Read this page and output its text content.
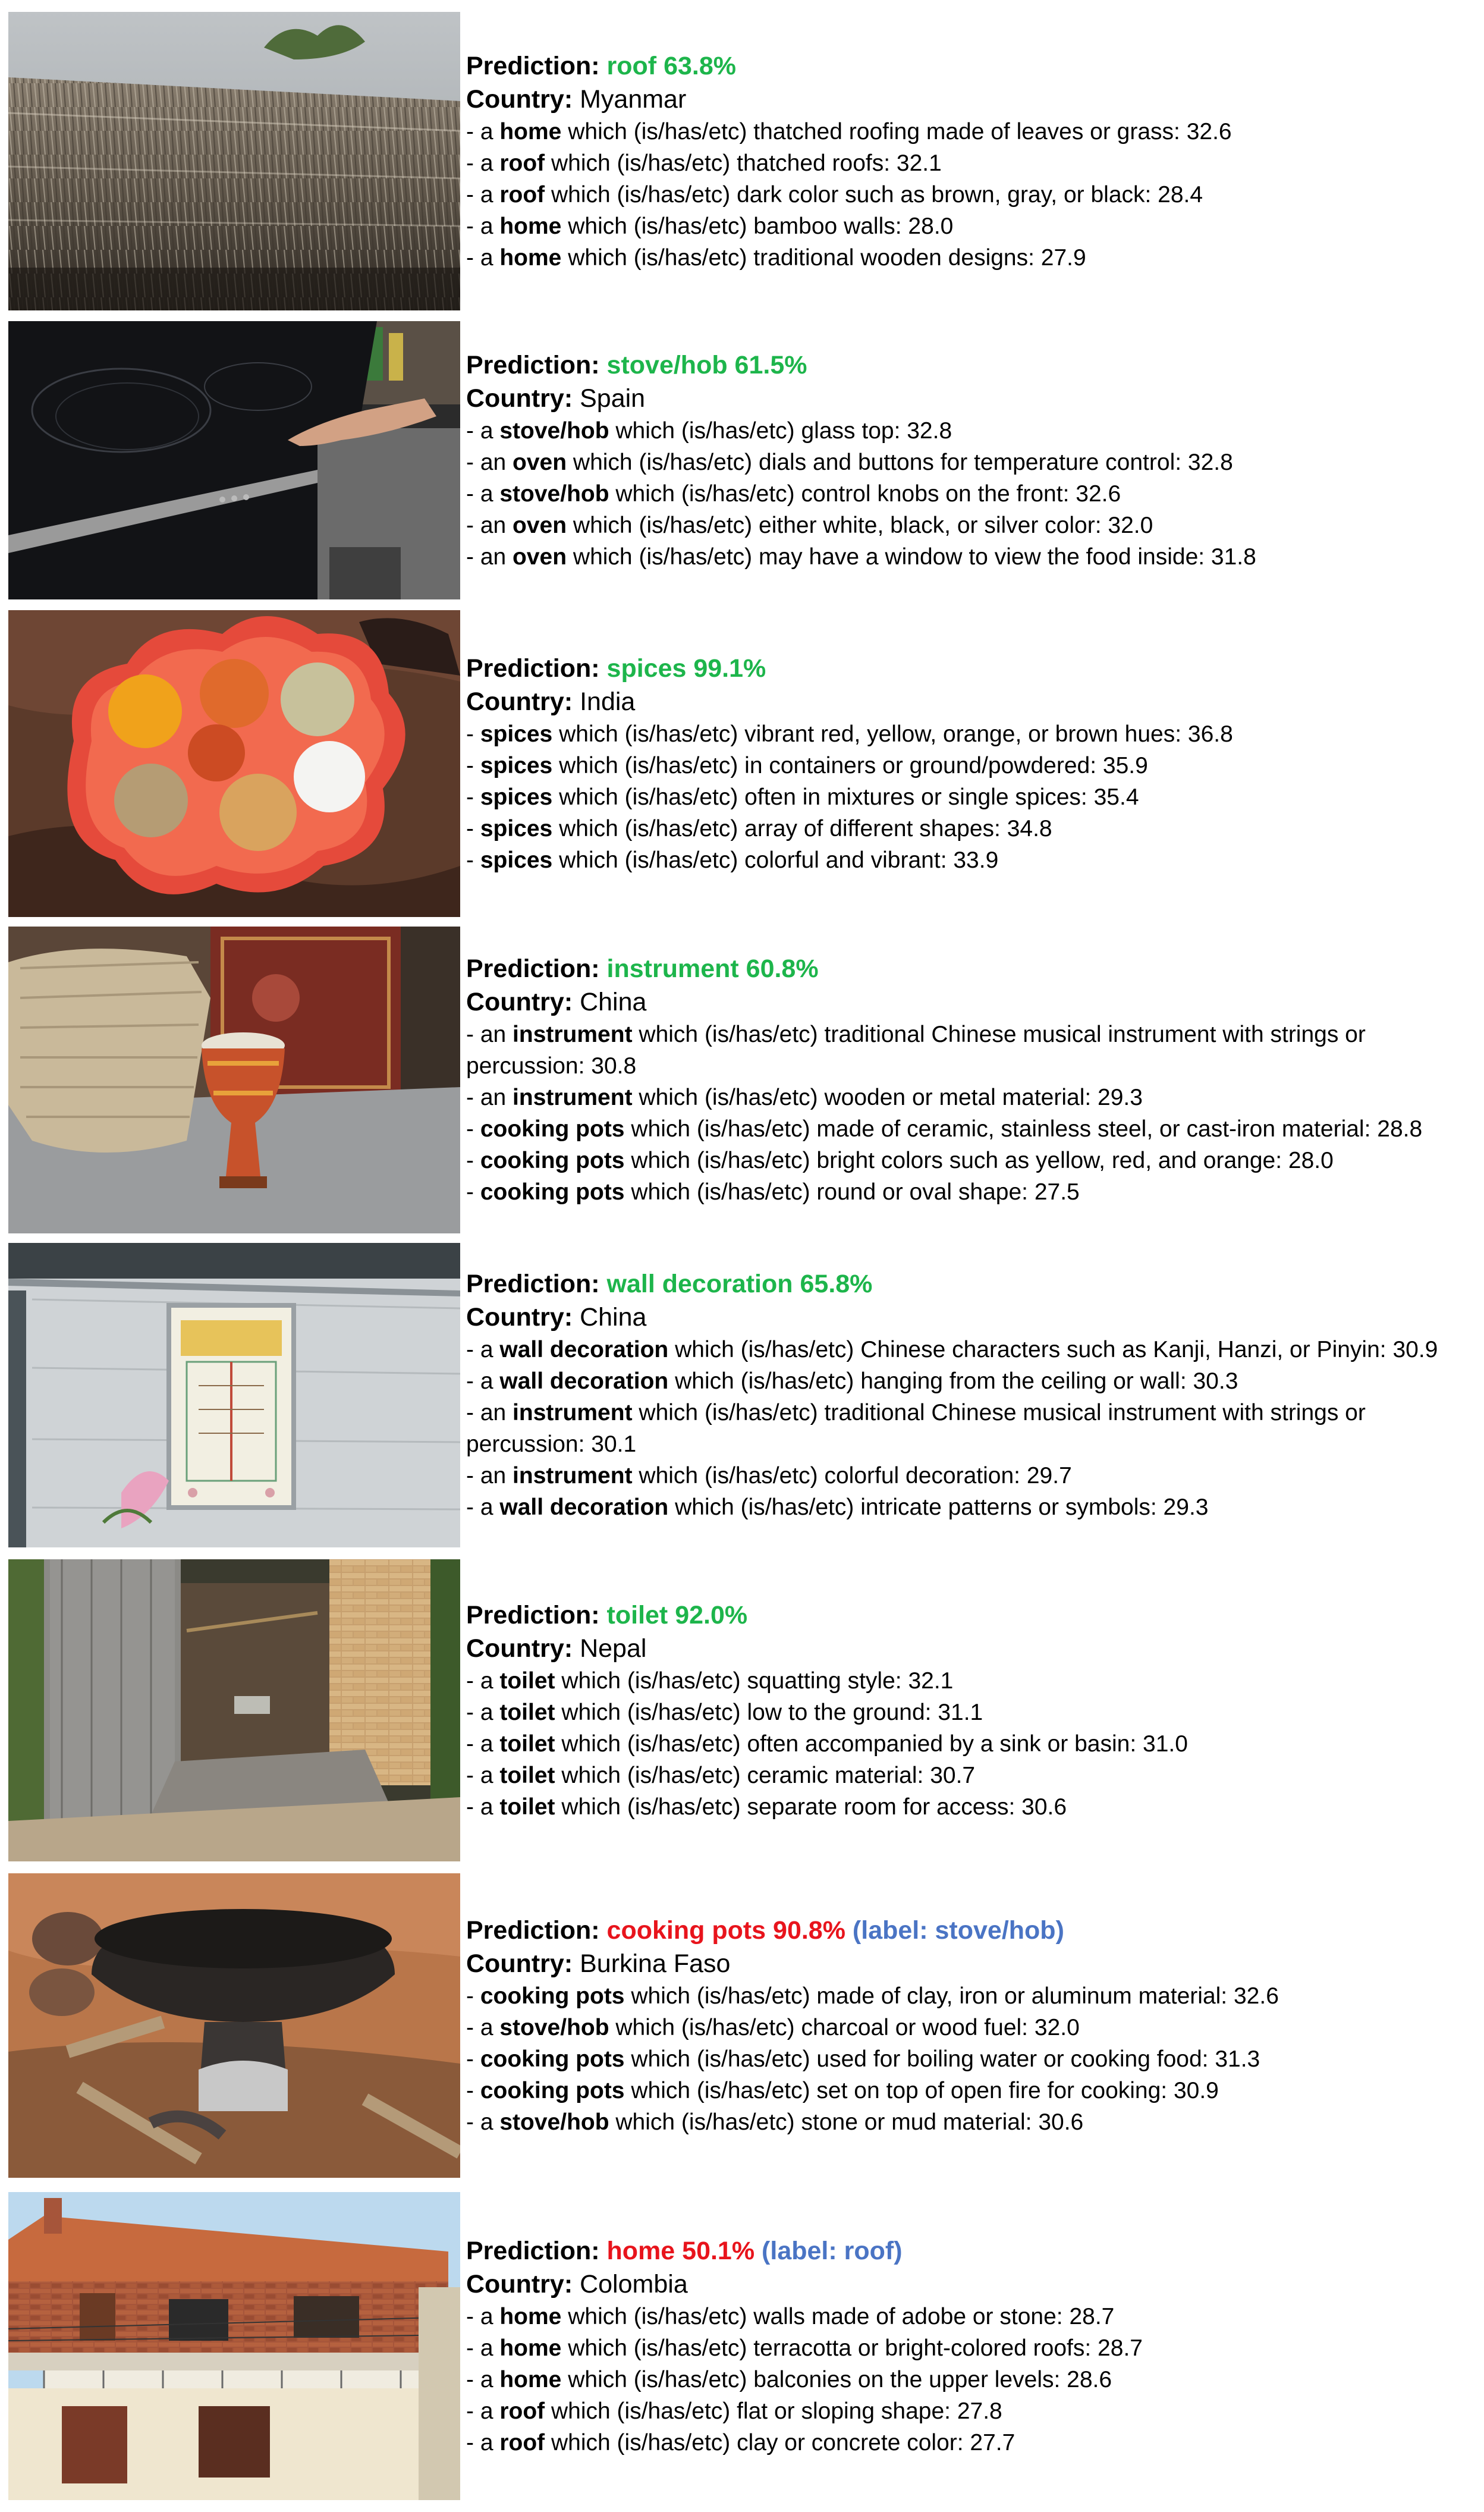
Prediction: roof 63.8%
Country: Myanmar
- a home which (is/has/etc) thatched roofing made of leaves or grass: 32.6
- a roof which (is/has/etc) thatched roofs: 32.1
- a roof which (is/has/etc) dark color such as brown, gray, or black: 28.4
- a home which (is/has/etc) bamboo walls: 28.0
- a home which (is/has/etc) traditional wooden designs: 27.9
Prediction: stove/hob 61.5%
Country: Spain
- a stove/hob which (is/has/etc) glass top: 32.8
- an oven which (is/has/etc) dials and buttons for temperature control: 32.8
- a stove/hob which (is/has/etc) control knobs on the front: 32.6
- an oven which (is/has/etc) either white, black, or silver color: 32.0
- an oven which (is/has/etc) may have a window to view the food inside: 31.8
Prediction: spices 99.1%
Country: India
- spices which (is/has/etc) vibrant red, yellow, orange, or brown hues: 36.8
- spices which (is/has/etc) in containers or ground/powdered: 35.9
- spices which (is/has/etc) often in mixtures or single spices: 35.4
- spices which (is/has/etc) array of different shapes: 34.8
- spices which (is/has/etc) colorful and vibrant: 33.9
Prediction: instrument 60.8%
Country: China
- an instrument which (is/has/etc) traditional Chinese musical instrument with strings or percussion: 30.8
- an instrument which (is/has/etc) wooden or metal material: 29.3
- cooking pots which (is/has/etc) made of ceramic, stainless steel, or cast-iron material: 28.8
- cooking pots which (is/has/etc) bright colors such as yellow, red, and orange: 28.0
- cooking pots which (is/has/etc) round or oval shape: 27.5
Prediction: wall decoration 65.8%
Country: China
- a wall decoration which (is/has/etc) Chinese characters such as Kanji, Hanzi, or Pinyin: 30.9
- a wall decoration which (is/has/etc) hanging from the ceiling or wall: 30.3
- an instrument which (is/has/etc) traditional Chinese musical instrument with strings or percussion: 30.1
- an instrument which (is/has/etc) colorful decoration: 29.7
- a wall decoration which (is/has/etc) intricate patterns or symbols: 29.3
Prediction: toilet 92.0%
Country: Nepal
- a toilet which (is/has/etc) squatting style: 32.1
- a toilet which (is/has/etc) low to the ground: 31.1
- a toilet which (is/has/etc) often accompanied by a sink or basin: 31.0
- a toilet which (is/has/etc) ceramic material: 30.7
- a toilet which (is/has/etc) separate room for access: 30.6
Prediction: cooking pots 90.8% (label: stove/hob)
Country: Burkina Faso
- cooking pots which (is/has/etc) made of clay, iron or aluminum material: 32.6
- a stove/hob which (is/has/etc) charcoal or wood fuel: 32.0
- cooking pots which (is/has/etc) used for boiling water or cooking food: 31.3
- cooking pots which (is/has/etc) set on top of open fire for cooking: 30.9
- a stove/hob which (is/has/etc) stone or mud material: 30.6
Prediction: home 50.1% (label: roof)
Country: Colombia
- a home which (is/has/etc) walls made of adobe or stone: 28.7
- a home which (is/has/etc) terracotta or bright-colored roofs: 28.7
- a home which (is/has/etc) balconies on the upper levels: 28.6
- a roof which (is/has/etc) flat or sloping shape: 27.8
- a roof which (is/has/etc) clay or concrete color: 27.7
